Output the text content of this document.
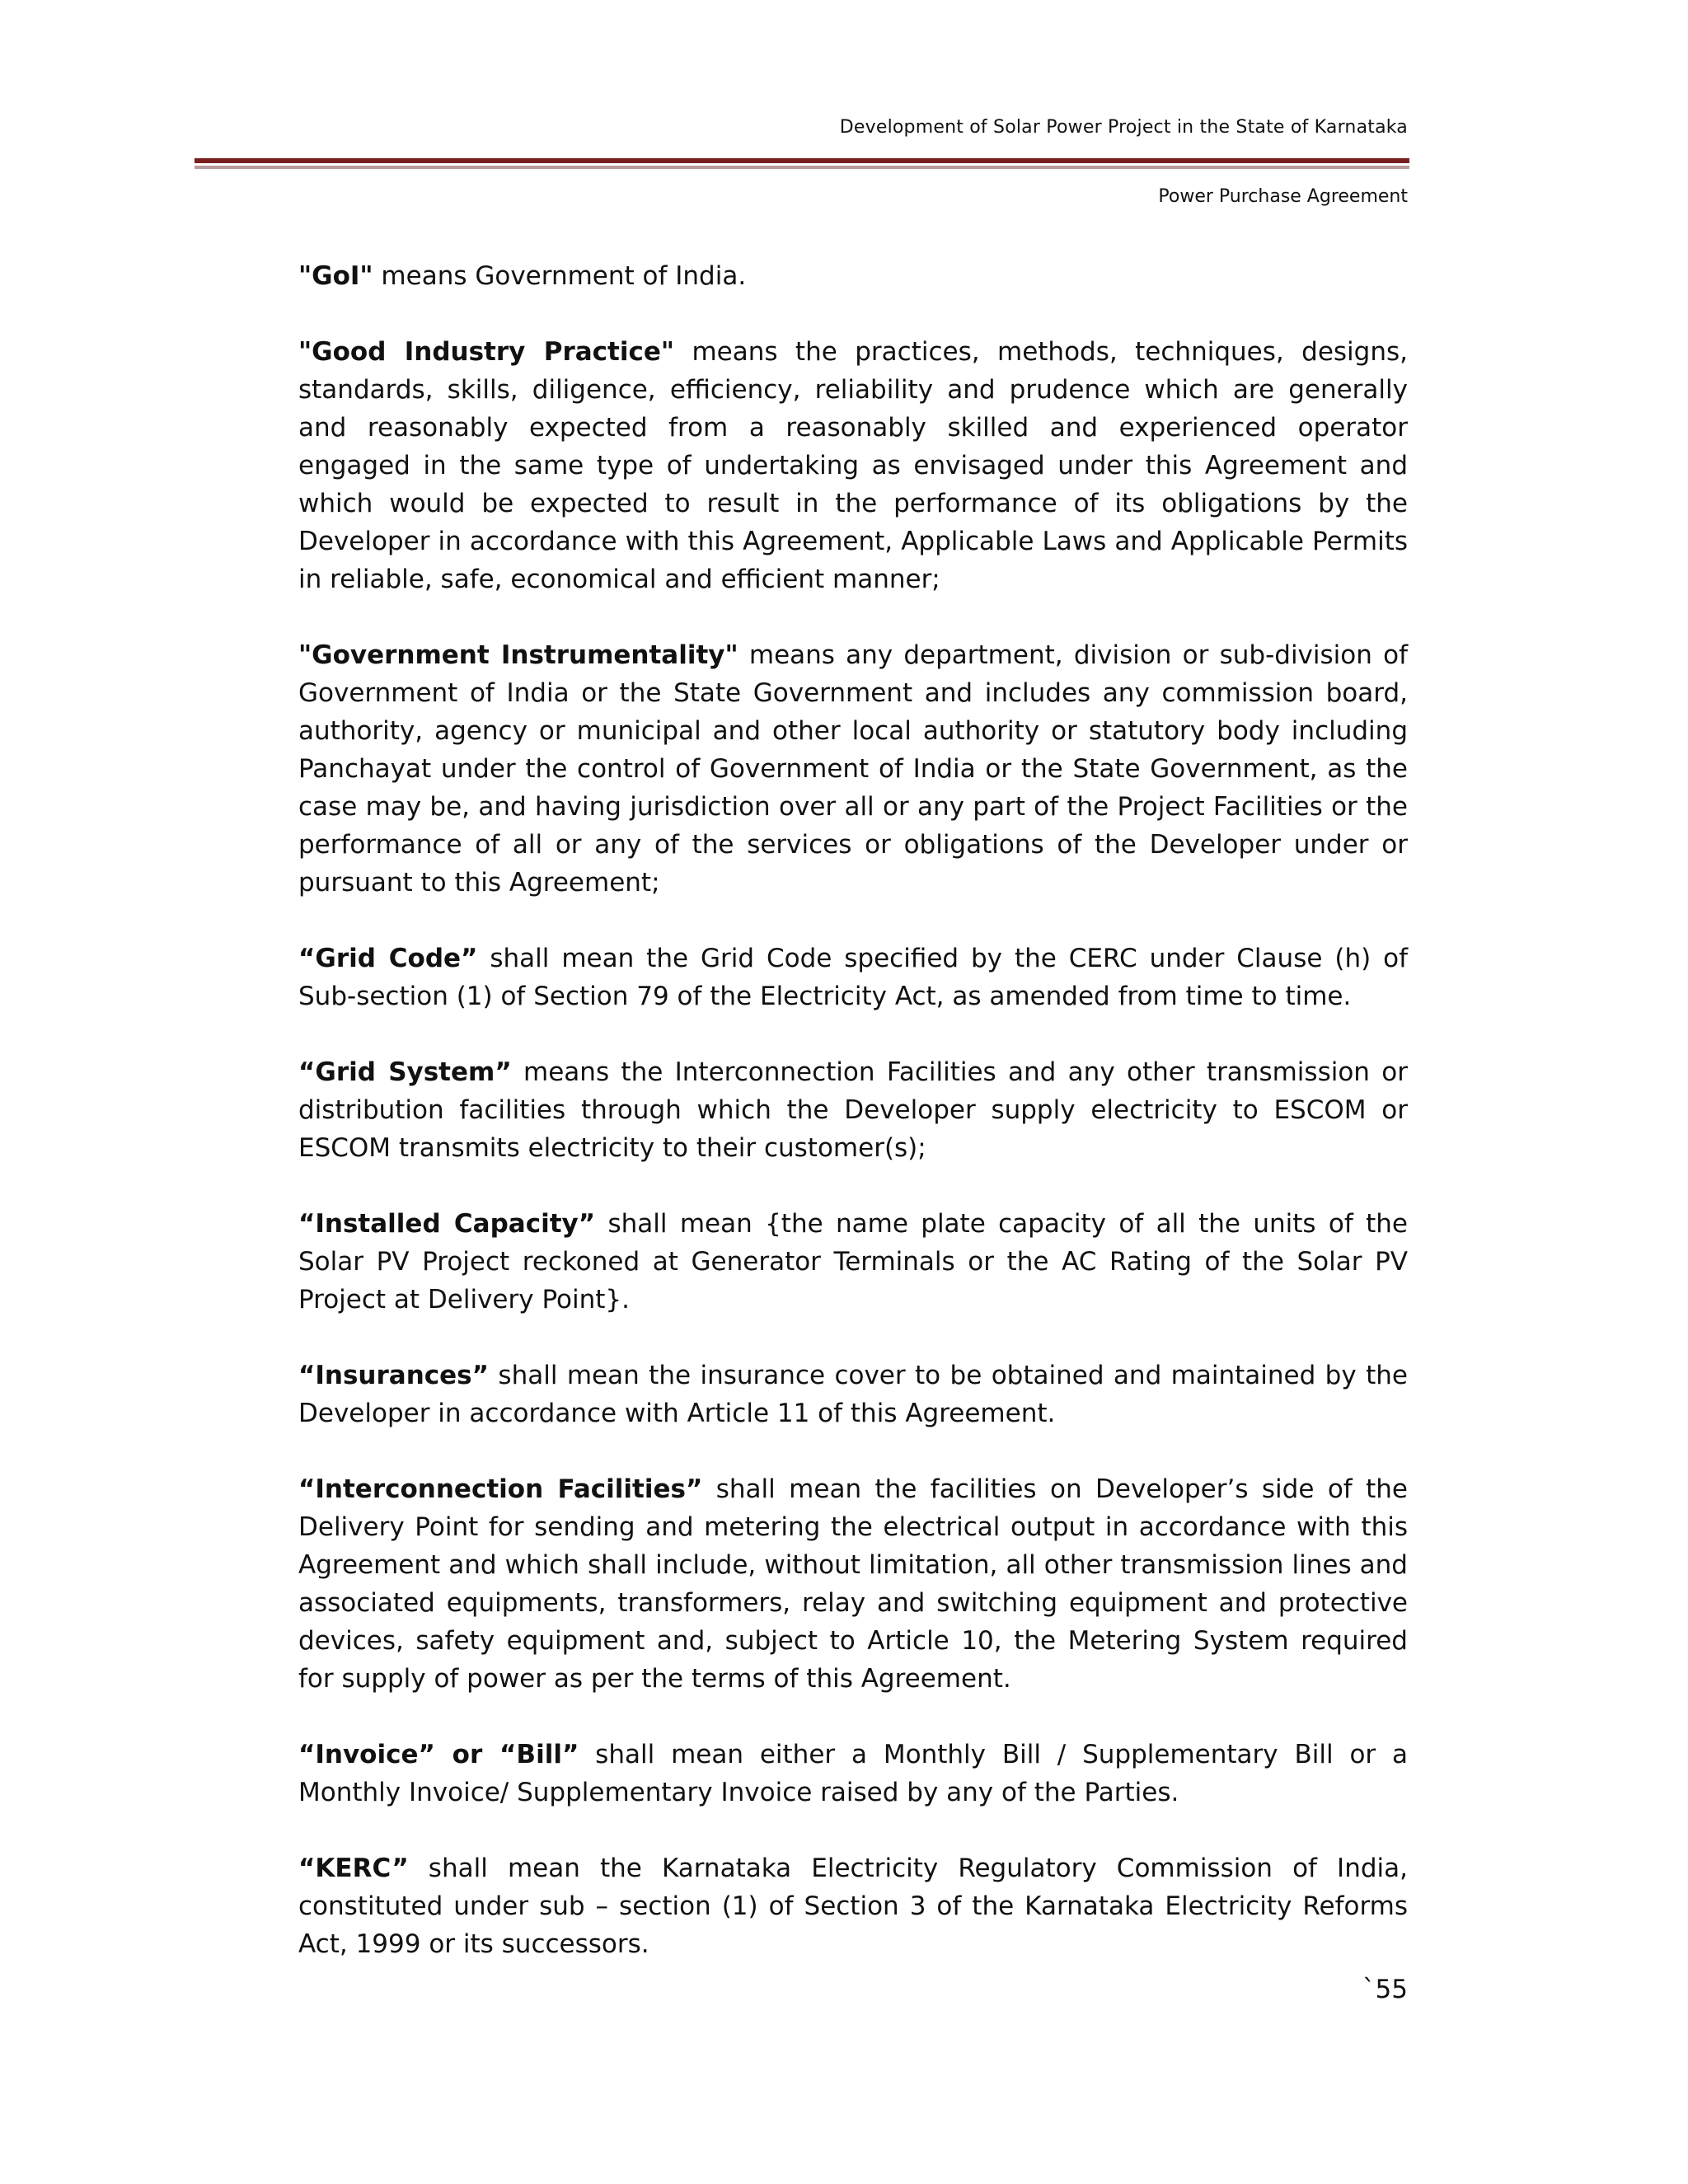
Development of Solar Power Project in the State of Karnataka
Power Purchase Agreement

"GoI" means Government of India.

"Good Industry Practice" means the practices, methods, techniques, designs, standards, skills, diligence, efficiency, reliability and prudence which are generally and reasonably expected from a reasonably skilled and experienced operator engaged in the same type of undertaking as envisaged under this Agreement and which would be expected to result in the performance of its obligations by the Developer in accordance with this Agreement, Applicable Laws and Applicable Permits in reliable, safe, economical and efficient manner;

"Government Instrumentality" means any department, division or sub-division of Government of India or the State Government and includes any commission board, authority, agency or municipal and other local authority or statutory body including Panchayat under the control of Government of India or the State Government, as the case may be, and having jurisdiction over all or any part of the Project Facilities or the performance of all or any of the services or obligations of the Developer under or pursuant to this Agreement;

“Grid Code” shall mean the Grid Code specified by the CERC under Clause (h) of Sub-section (1) of Section 79 of the Electricity Act, as amended from time to time.

“Grid System” means the Interconnection Facilities and any other transmission or distribution facilities through which the Developer supply electricity to ESCOM or ESCOM transmits electricity to their customer(s);

“Installed Capacity” shall mean {the name plate capacity of all the units of the Solar PV Project reckoned at Generator Terminals or the AC Rating of the Solar PV Project at Delivery Point}.

“Insurances” shall mean the insurance cover to be obtained and maintained by the Developer in accordance with Article 11 of this Agreement.

“Interconnection Facilities” shall mean the facilities on Developer’s side of the Delivery Point for sending and metering the electrical output in accordance with this Agreement and which shall include, without limitation, all other transmission lines and associated equipments, transformers, relay and switching equipment and protective devices, safety equipment and, subject to Article 10, the Metering System required for supply of power as per the terms of this Agreement.

“Invoice” or “Bill” shall mean either a Monthly Bill / Supplementary Bill or a Monthly Invoice/ Supplementary Invoice raised by any of the Parties.

“KERC” shall mean the Karnataka Electricity Regulatory Commission of India, constituted under sub – section (1) of Section 3 of the Karnataka Electricity Reforms Act, 1999 or its successors.

`55
